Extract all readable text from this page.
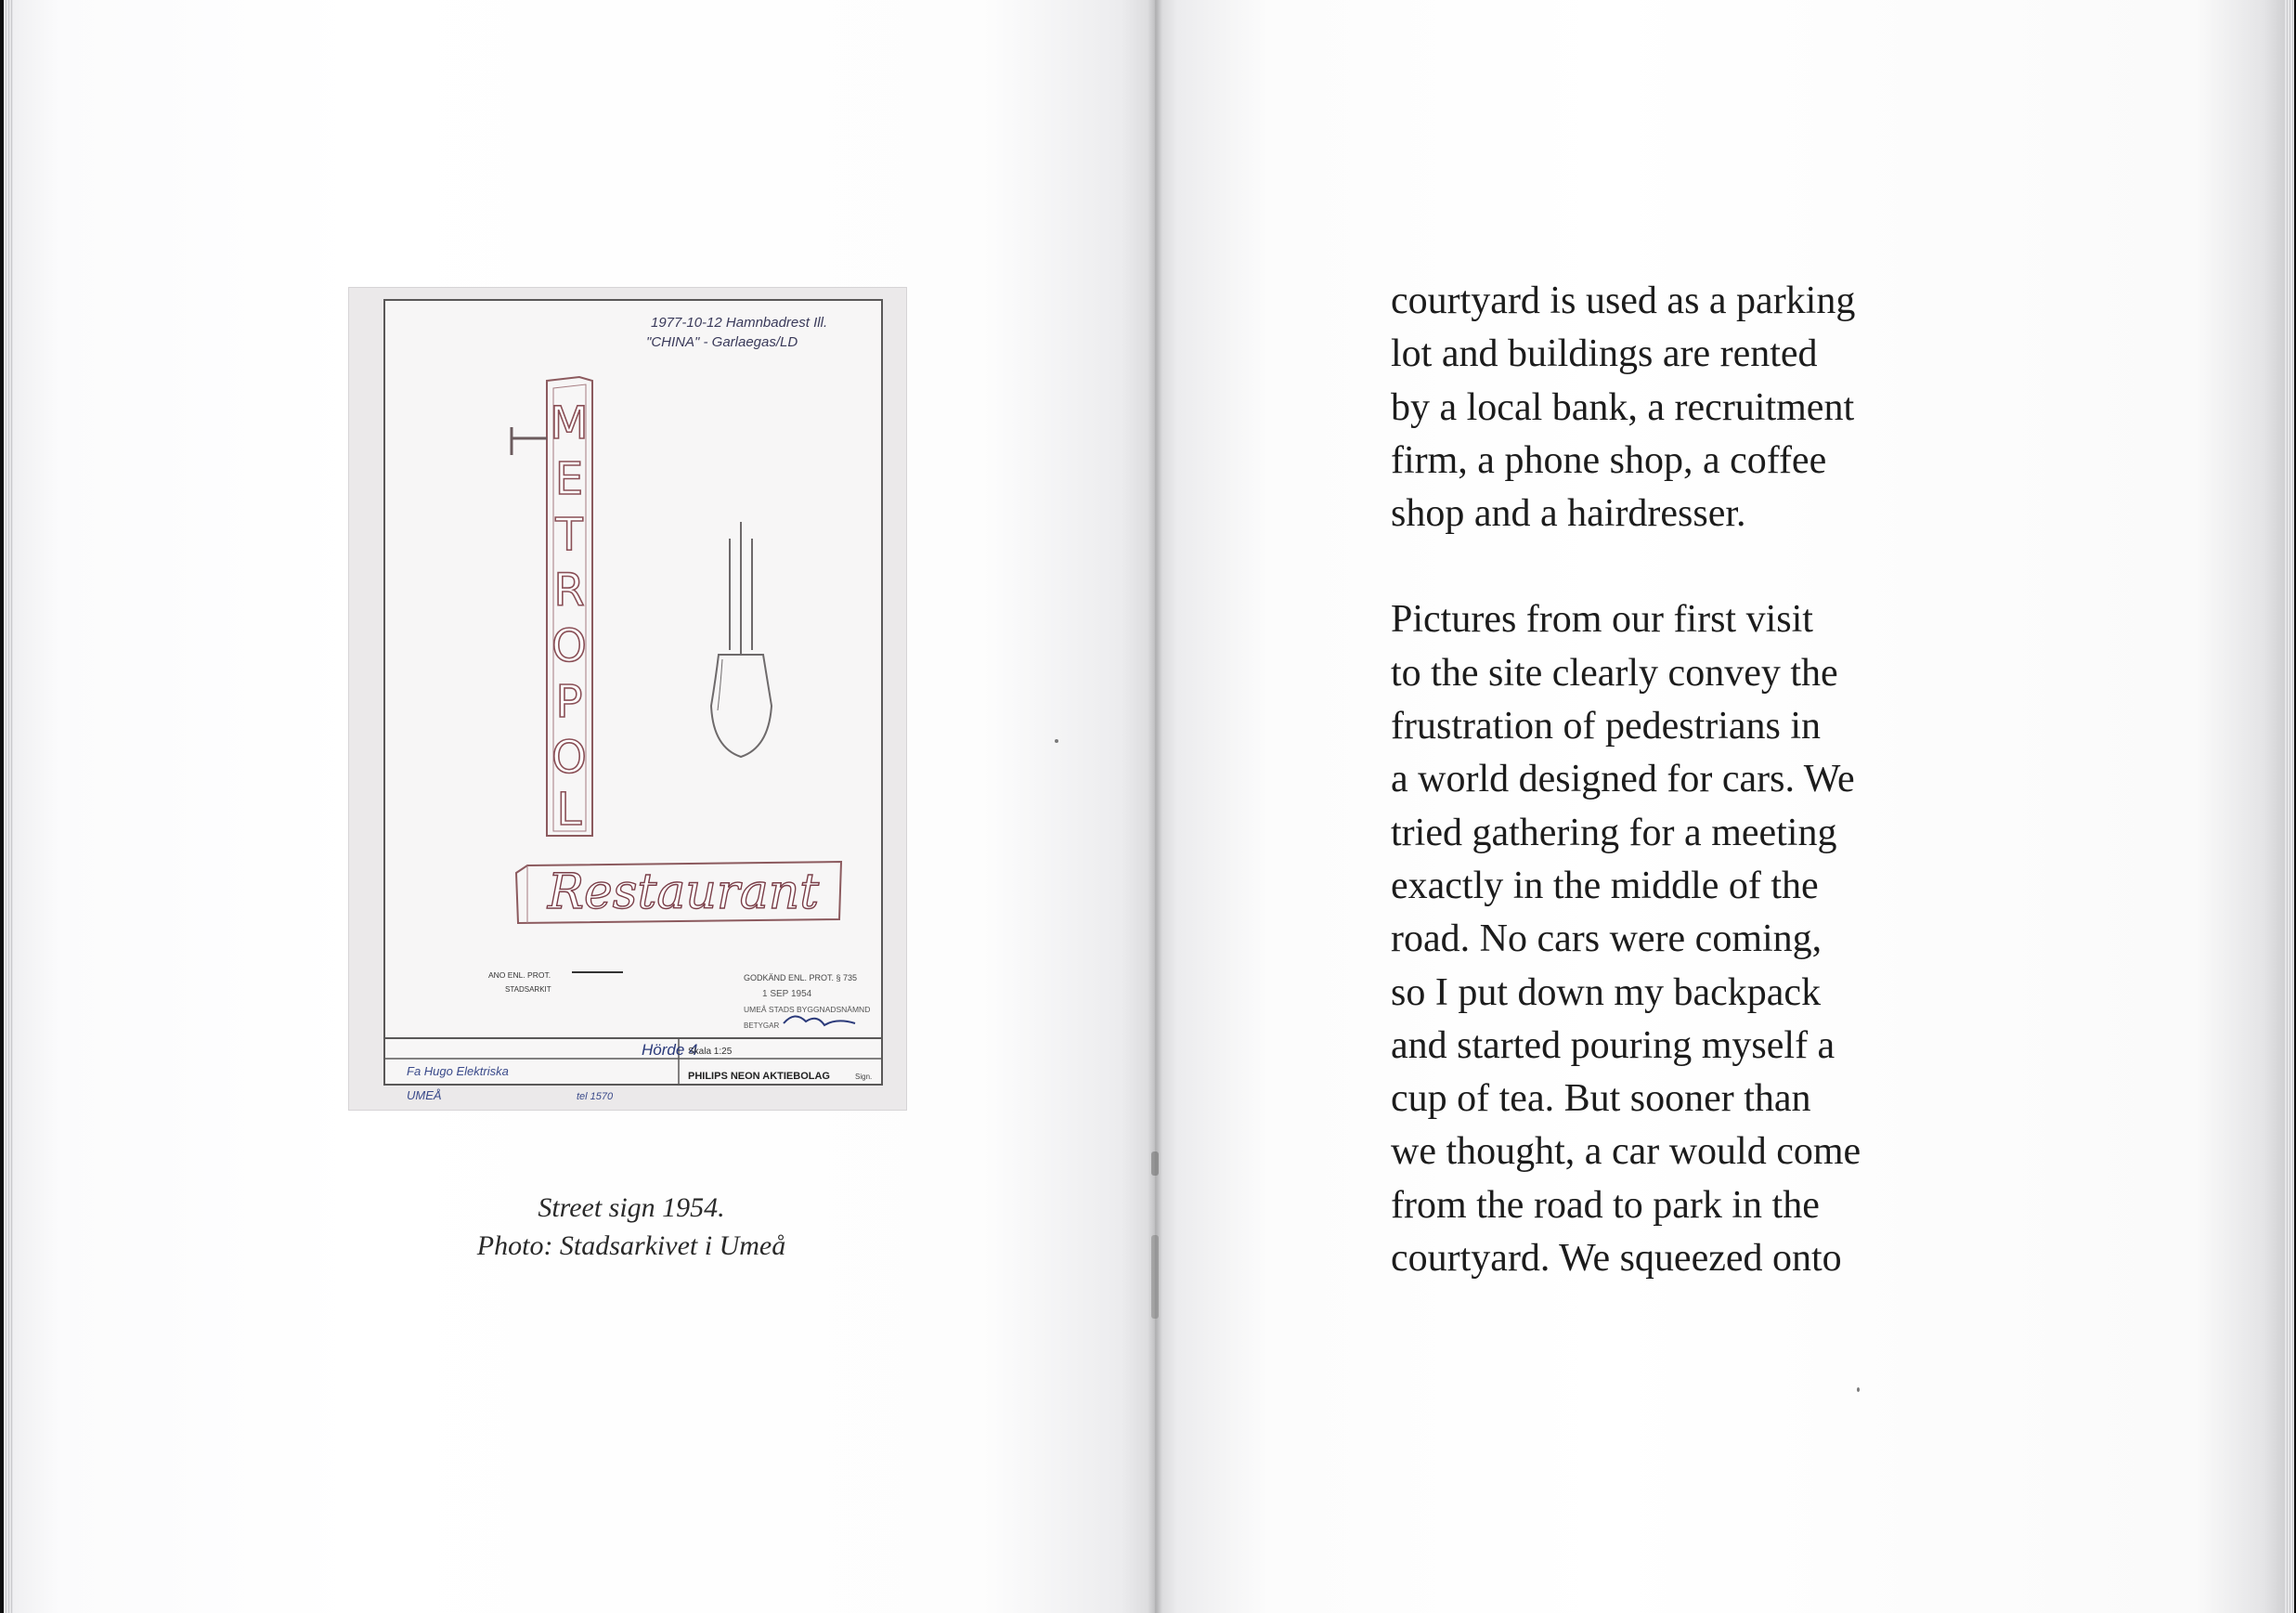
1977-10-12 Hamnbadrest Ill.
"CHINA" - Garlaegas/LD
M
E
T
R
O
P
O
L
Restaurant
GODKÄND ENL. PROT. § 735
1 SEP 1954
UMEÅ STADS BYGGNADSNÄMND
BETYGAR
ANO ENL. PROT.
STADSARKIT
Hörde 4
Fa Hugo Elektriska
UMEÅ	tel 1570
Skala 1:25
PHILIPS NEON AKTIEBOLAG	Sign.
Street sign 1954.
Photo: Stadsarkivet i Umeå
courtyard is used as a parking
lot and buildings are rented
by a local bank, a recruitment
firm, a phone shop, a coffee
shop and a hairdresser.
Pictures from our first visit
to the site clearly convey the
frustration of pedestrians in
a world designed for cars. We
tried gathering for a meeting
exactly in the middle of the
road. No cars were coming,
so I put down my backpack
and started pouring myself a
cup of tea. But sooner than
we thought, a car would come
from the road to park in the
courtyard. We squeezed onto
